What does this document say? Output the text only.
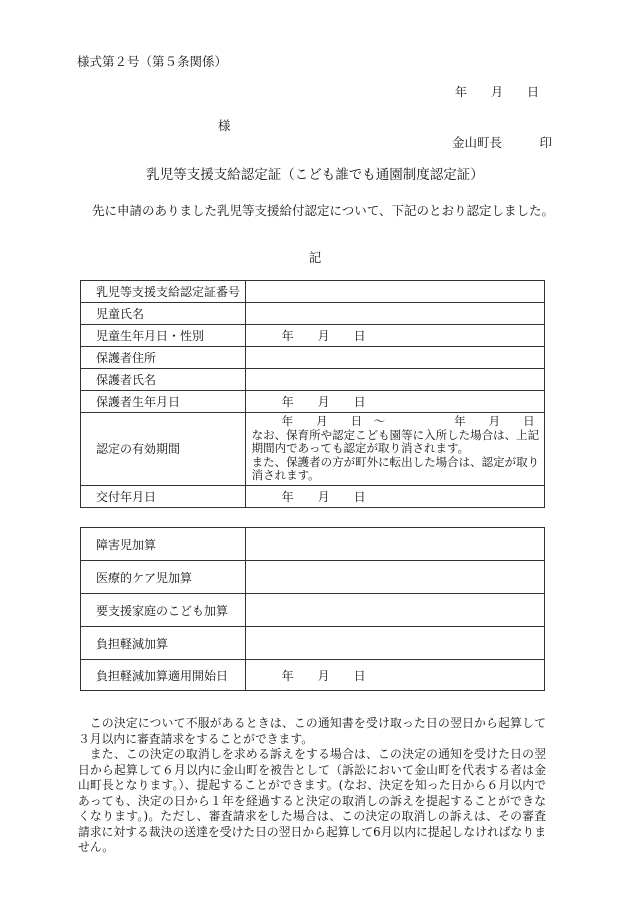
様式第２号（第５条関係）
年　　月　　日
様
金山町長　　　印
乳児等支援支給認定証（こども誰でも通園制度認定証）
先に申請のありました乳児等支援給付認定について、下記のとおり認定しました。
記
乳児等支援支給認定証番号	
児童氏名	
児童生年月日・性別	年　　月　　日
保護者住所	
保護者氏名	
保護者生年月日	年　　月　　日
認定の有効期間	年　　月　　日　～　　　　　　年　　月　　日
なお、保育所や認定こども園等に入所した場合は、上記期間内であっても認定が取り消されます。
また、保護者の方が町外に転出した場合は、認定が取り消されます。

交付年月日	年　　月　　日
障害児加算	
医療的ケア児加算	
要支援家庭のこども加算	
負担軽減加算	
負担軽減加算適用開始日	年　　月　　日

この決定について不服があるときは、この通知書を受け取った日の翌日から起算して３月以内に審査請求をすることができます。

また、この決定の取消しを求める訴えをする場合は、この決定の通知を受けた日の翌日から起算して６月以内に金山町を被告として（訴訟において金山町を代表する者は金山町長となります。）、提起することができます。(なお、決定を知った日から６月以内であっても、決定の日から１年を経過すると決定の取消しの訴えを提起することができなくなります。)。ただし、審査請求をした場合は、この決定の取消しの訴えは、その審査請求に対する裁決の送達を受けた日の翌日から起算して6月以内に提起しなければなりません。
